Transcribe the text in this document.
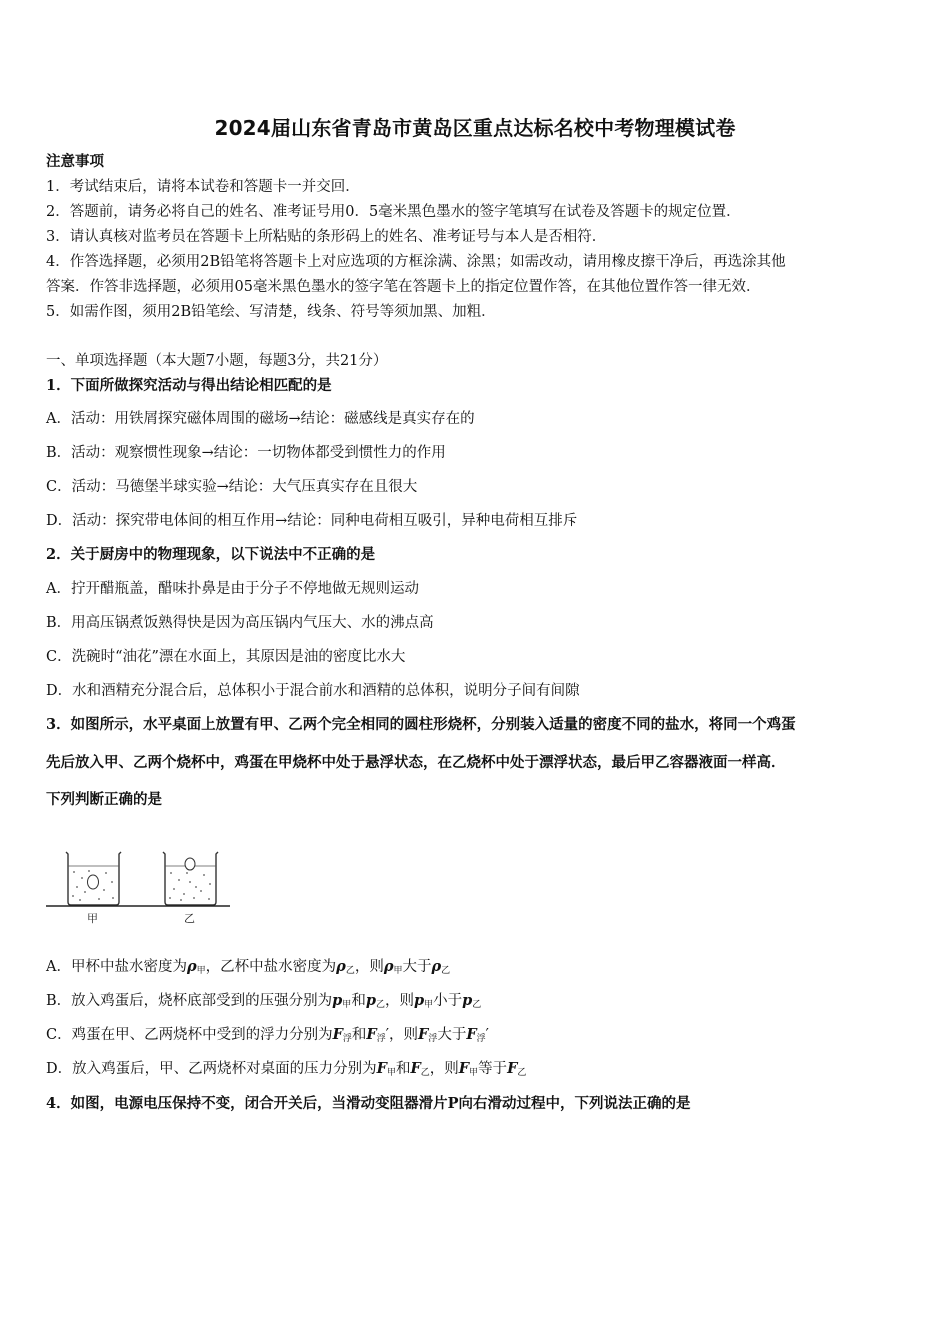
2024届山东省青岛市黄岛区重点达标名校中考物理模试卷
注意事项
1．考试结束后，请将本试卷和答题卡一并交回．
2．答题前，请务必将自己的姓名、准考证号用0．5毫米黑色墨水的签字笔填写在试卷及答题卡的规定位置．
3．请认真核对监考员在答题卡上所粘贴的条形码上的姓名、准考证号与本人是否相符．
4．作答选择题，必须用2B铅笔将答题卡上对应选项的方框涂满、涂黑；如需改动，请用橡皮擦干净后，再选涂其他
答案．作答非选择题，必须用05毫米黑色墨水的签字笔在答题卡上的指定位置作答，在其他位置作答一律无效．
5．如需作图，须用2B铅笔绘、写清楚，线条、符号等须加黑、加粗．
一、单项选择题（本大题7小题，每题3分，共21分）
1．下面所做探究活动与得出结论相匹配的是
A．活动：用铁屑探究磁体周围的磁场→结论：磁感线是真实存在的
B．活动：观察惯性现象→结论：一切物体都受到惯性力的作用
C．活动：马德堡半球实验→结论：大气压真实存在且很大
D．活动：探究带电体间的相互作用→结论：同种电荷相互吸引，异种电荷相互排斥
2．关于厨房中的物理现象，以下说法中不正确的是
A．拧开醋瓶盖，醋味扑鼻是由于分子不停地做无规则运动
B．用高压锅煮饭熟得快是因为高压锅内气压大、水的沸点高
C．洗碗时“油花”漂在水面上，其原因是油的密度比水大
D．水和酒精充分混合后，总体积小于混合前水和酒精的总体积，说明分子间有间隙
3．如图所示，水平桌面上放置有甲、乙两个完全相同的圆柱形烧杯，分别装入适量的密度不同的盐水，将同一个鸡蛋
先后放入甲、乙两个烧杯中，鸡蛋在甲烧杯中处于悬浮状态，在乙烧杯中处于漂浮状态，最后甲乙容器液面一样高．
下列判断正确的是
甲	乙
A．甲杯中盐水密度为$\rho_甲$，乙杯中盐水密度为$\rho_乙$，则$\rho_甲$大于$\rho_乙$
B．放入鸡蛋后，烧杯底部受到的压强分别为$p_甲$和$p_乙$，则$p_甲$小于$p_乙$
C．鸡蛋在甲、乙两烧杯中受到的浮力分别为$F_浮$和$F_浮'$，则$F_浮$大于$F_浮'$
D．放入鸡蛋后，甲、乙两烧杯对桌面的压力分别为$F_甲$和$F_乙$，则$F_甲$等于$F_乙$
4．如图，电源电压保持不变，闭合开关后，当滑动变阻器滑片P向右滑动过程中，下列说法正确的是
